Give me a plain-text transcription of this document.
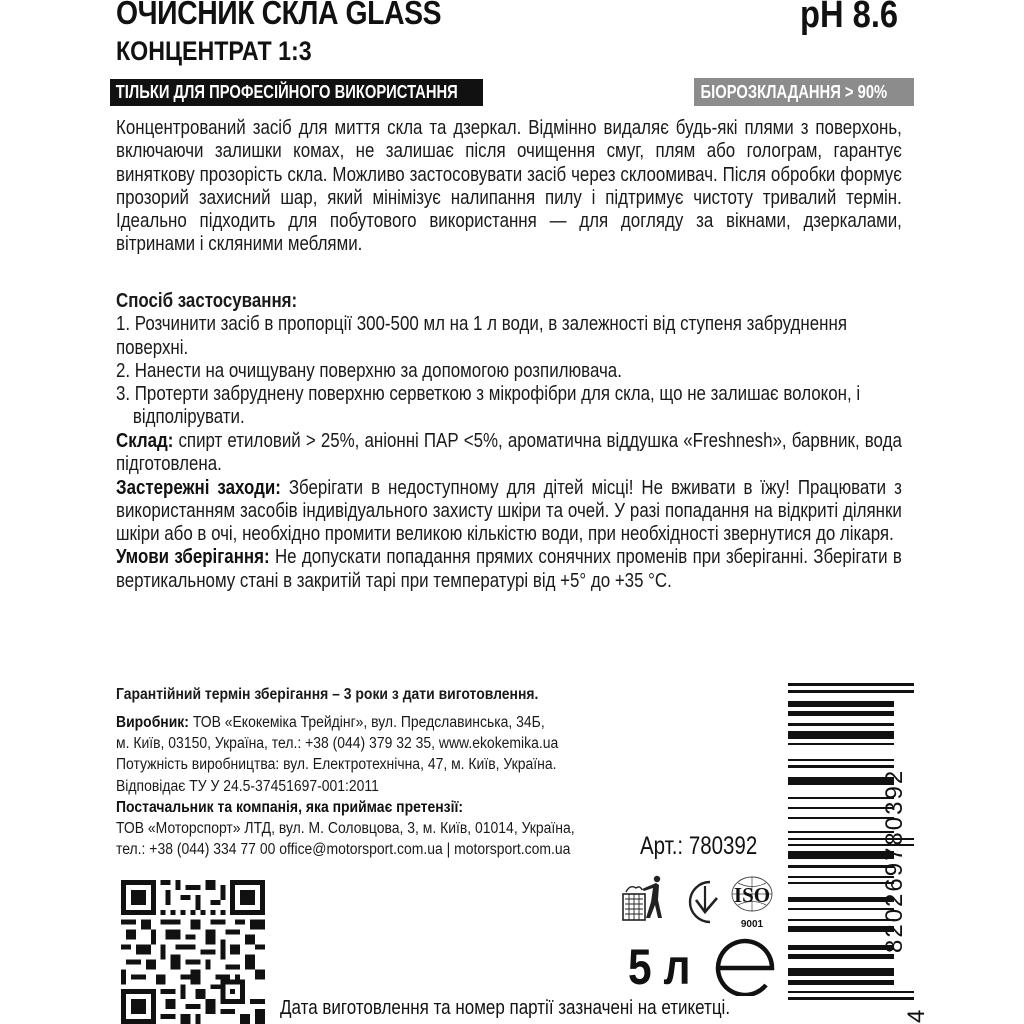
ОЧИСНИК СКЛА GLASS
КОНЦЕНТРАТ 1:3
pH 8.6
ТІЛЬКИ ДЛЯ ПРОФЕСІЙНОГО ВИКОРИСТАННЯ	БІОРОЗКЛАДАННЯ > 90%

Концентрований засіб для миття скла та дзеркал. Відмінно видаляє будь-які плями з поверхонь, включаючи залишки комах, не залишає після очищення смуг, плям або голограм, гарантує виняткову прозорість скла. Можливо застосовувати засіб через склоомивач. Після обробки формує прозорий захисний шар, який мінімізує налипання пилу і підтримує чистоту тривалий термін. Ідеально підходить для побутового використання — для догляду за вікнами, дзеркалами, вітринами і скляними меблями.

Спосіб застосування:
1. Розчинити засіб в пропорції 300-500 мл на 1 л води, в залежності від ступеня забруднення поверхні.
2. Нанести на очищувану поверхню за допомогою розпилювача.
3. Протерти забруднену поверхню серветкою з мікрофібри для скла, що не залишає волокон, і
відполірувати.

Склад: спирт етиловий > 25%, аніонні ПАР <5%, ароматична віддушка «Freshnesh», барвник, вода підготовлена.

Застережні заходи: Зберігати в недоступному для дітей місці! Не вживати в їжу! Працювати з використанням засобів індивідуального захисту шкіри та очей. У разі попадання на відкриті ділянки шкіри або в очі, необхідно промити великою кількістю води, при необхідності звернутися до лікаря.

Умови зберігання: Не допускати попадання прямих сонячних променів при зберіганні. Зберігати в вертикальному стані в закритій тарі при температурі від +5° до +35 °С.

Гарантійний термін зберігання – 3 роки з дати виготовлення.
Виробник: ТОВ «Екокеміка Трейдінг», вул. Предславинська, 34Б,
м. Київ, 03150, Україна, тел.: +38 (044) 379 32 35, www.ekokemika.ua
Потужність виробництва: вул. Електротехнічна, 47, м. Київ, Україна.
Відповідає ТУ У 24.5-37451697-001:2011
Постачальник та компанія, яка приймає претензії:
ТОВ «Моторспорт» ЛТД, вул. М. Соловцова, 3, м. Київ, 01014, Україна,
тел.: +38 (044) 334 77 00 office@motorsport.com.ua | motorsport.com.ua	Арт.: 780392
ISO
9001
5 л
Дата виготовлення та номер партії зазначені на етикетці.
820269780392
4
